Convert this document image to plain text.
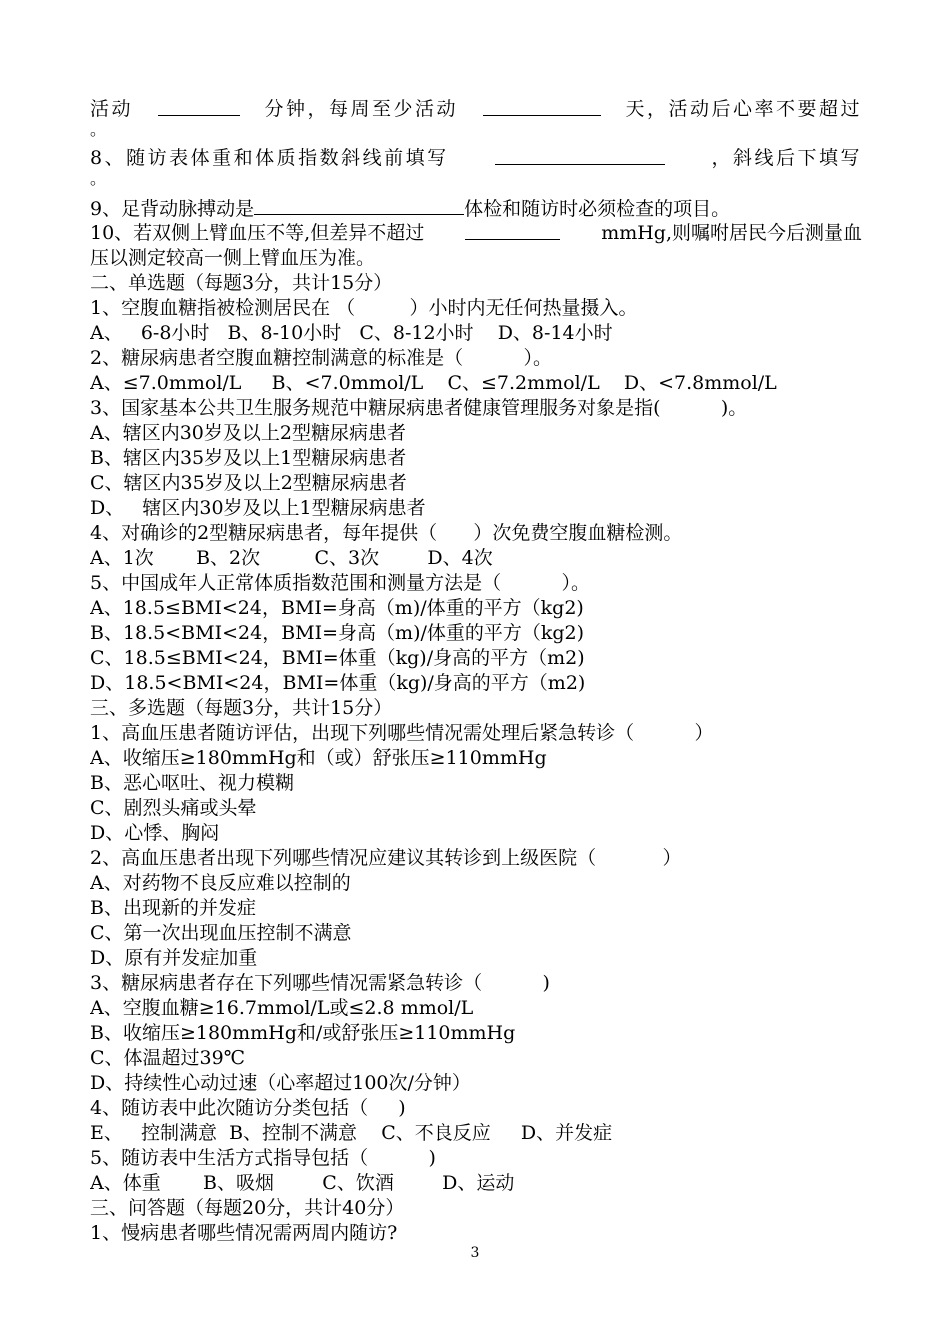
活动	分钟，每周至少活动	天，活动后心率不要超过
。
8、随访表体重和体质指数斜线前填写	，斜线后下填写
。
9、足背动脉搏动是	体检和随访时必须检查的项目。
10、若双侧上臂血压不等,但差异不超过	mmHg,则嘱咐居民今后测量血
压以测定较高一侧上臂血压为准。
二、单选题（每题3分，共计15分）
1、空腹血糖指被检测居民在 （         ）小时内无任何热量摄入。
A、   6-8小时   B、8-10小时   C、8-12小时    D、8-14小时
2、糖尿病患者空腹血糖控制满意的标准是（          ）。
A、≤7.0mmol/L     B、<7.0mmol/L    C、≤7.2mmol/L    D、<7.8mmol/L
3、国家基本公共卫生服务规范中糖尿病患者健康管理服务对象是指(          )。
A、辖区内30岁及以上2型糖尿病患者
B、辖区内35岁及以上1型糖尿病患者
C、辖区内35岁及以上2型糖尿病患者
D、   辖区内30岁及以上1型糖尿病患者
4、对确诊的2型糖尿病患者，每年提供（      ）次免费空腹血糖检测。
A、1次       B、2次         C、3次        D、4次
5、中国成年人正常体质指数范围和测量方法是（          ）。
A、18.5≤BMI<24，BMI=身高（m)/体重的平方（kg2)
B、18.5<BMI<24，BMI=身高（m)/体重的平方（kg2)
C、18.5≤BMI<24，BMI=体重（kg)/身高的平方（m2)
D、18.5<BMI<24，BMI=体重（kg)/身高的平方（m2)
三、多选题（每题3分，共计15分）
1、高血压患者随访评估，出现下列哪些情况需处理后紧急转诊（          ）
A、收缩压≥180mmHg和（或）舒张压≥110mmHg
B、恶心呕吐、视力模糊
C、剧烈头痛或头晕
D、心悸、胸闷
2、高血压患者出现下列哪些情况应建议其转诊到上级医院（           ）
A、对药物不良反应难以控制的
B、出现新的并发症
C、第一次出现血压控制不满意
D、原有并发症加重
3、糖尿病患者存在下列哪些情况需紧急转诊（          )
A、空腹血糖≥16.7mmol/L或≤2.8 mmol/L
B、收缩压≥180mmHg和/或舒张压≥110mmHg
C、体温超过39℃
D、持续性心动过速（心率超过100次/分钟）
4、随访表中此次随访分类包括（     )
E、   控制满意  B、控制不满意    C、不良反应     D、并发症
5、随访表中生活方式指导包括（          )
A、体重       B、吸烟        C、饮酒        D、运动
三、问答题（每题20分，共计40分）
1、慢病患者哪些情况需两周内随访?
3
